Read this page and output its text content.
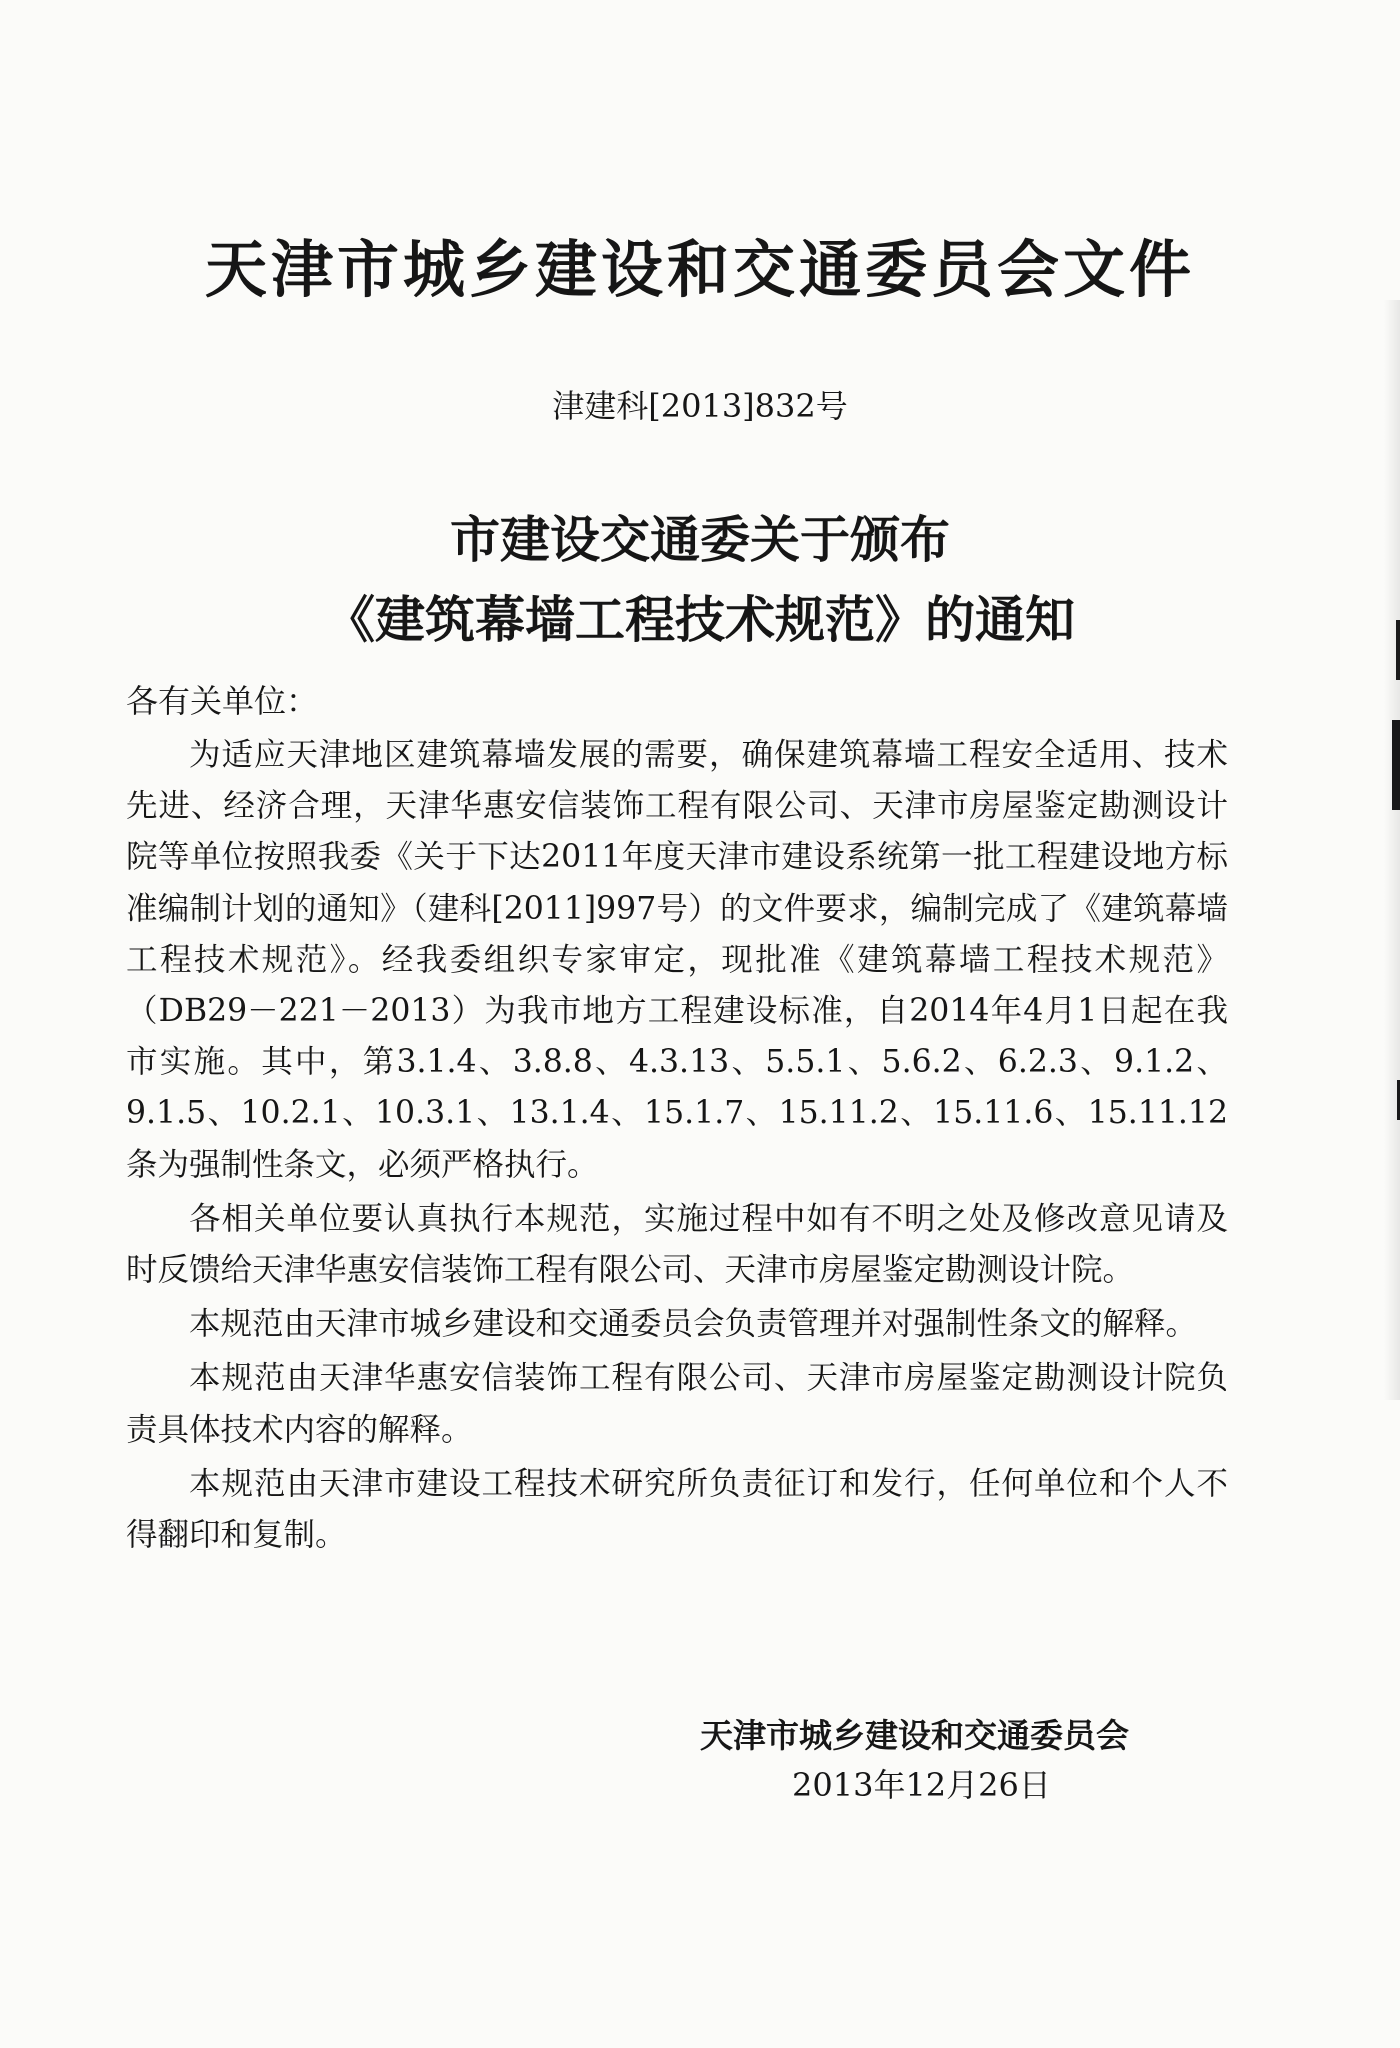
天津市城乡建设和交通委员会文件
津建科[2013]832号
市建设交通委关于颁布
《建筑幕墙工程技术规范》的通知
各有关单位：

为适应天津地区建筑幕墙发展的需要，确保建筑幕墙工程安全适用、技术先进、经济合理，天津华惠安信装饰工程有限公司、天津市房屋鉴定勘测设计院等单位按照我委《关于下达2011年度天津市建设系统第一批工程建设地方标准编制计划的通知》（建科[2011]997号）的文件要求，编制完成了《建筑幕墙工程技术规范》。经我委组织专家审定，现批准《建筑幕墙工程技术规范》（DB29－221－2013）为我市地方工程建设标准，自2014年4月1日起在我市实施。其中，第3.1.4、3.8.8、4.3.13、5.5.1、5.6.2、6.2.3、9.1.2、9.1.5、10.2.1、10.3.1、13.1.4、15.1.7、15.11.2、15.11.6、15.11.12条为强制性条文，必须严格执行。

各相关单位要认真执行本规范，实施过程中如有不明之处及修改意见请及时反馈给天津华惠安信装饰工程有限公司、天津市房屋鉴定勘测设计院。

本规范由天津市城乡建设和交通委员会负责管理并对强制性条文的解释。

本规范由天津华惠安信装饰工程有限公司、天津市房屋鉴定勘测设计院负责具体技术内容的解释。

本规范由天津市建设工程技术研究所负责征订和发行，任何单位和个人不得翻印和复制。

天津市城乡建设和交通委员会
2013年12月26日
